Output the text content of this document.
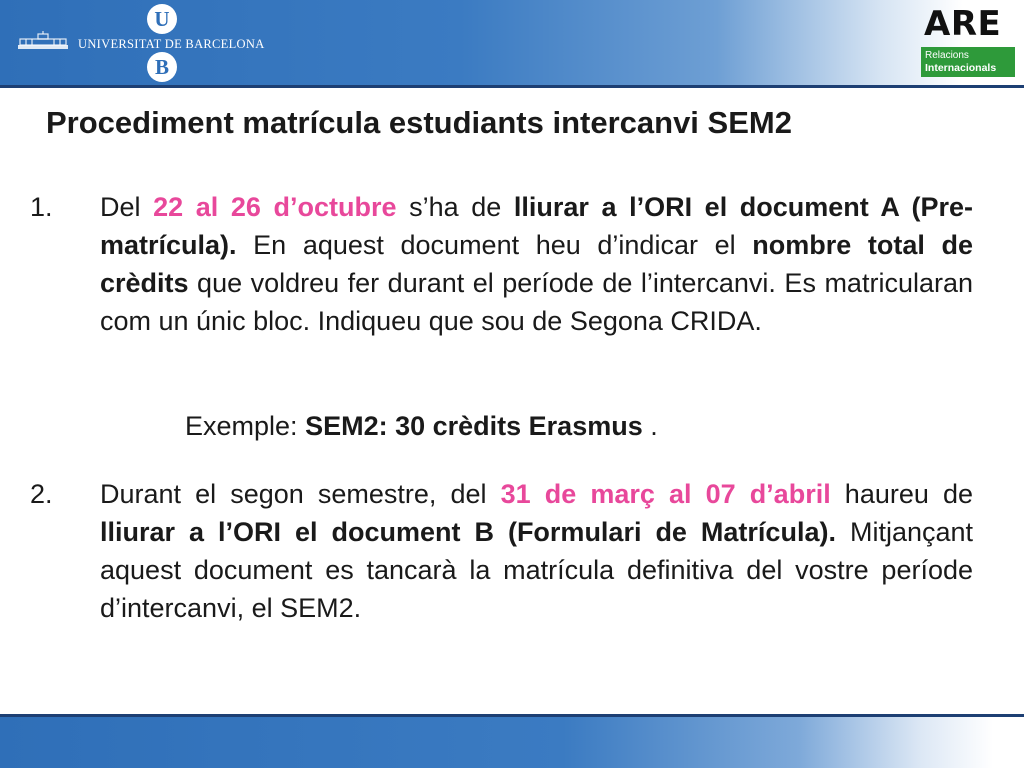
U
UNIVERSITAT DE BARCELONA
B
ARE
Relacions
Internacionals
Procediment matrícula estudiants intercanvi SEM2
1. Del 22 al 26 d’octubre s’ha de lliurar a l’ORI el document A (Pre-matrícula). En aquest document heu d’indicar el nombre total de crèdits que voldreu fer durant el període de l’intercanvi. Es matricularan com un únic bloc. Indiqueu que sou de Segona CRIDA.
Exemple: SEM2: 30 crèdits Erasmus .
2. Durant el segon semestre, del 31 de març al 07 d’abril haureu de lliurar a l’ORI el document B (Formulari de Matrícula). Mitjançant aquest document es tancarà la matrícula definitiva del vostre període d’intercanvi, el SEM2.
